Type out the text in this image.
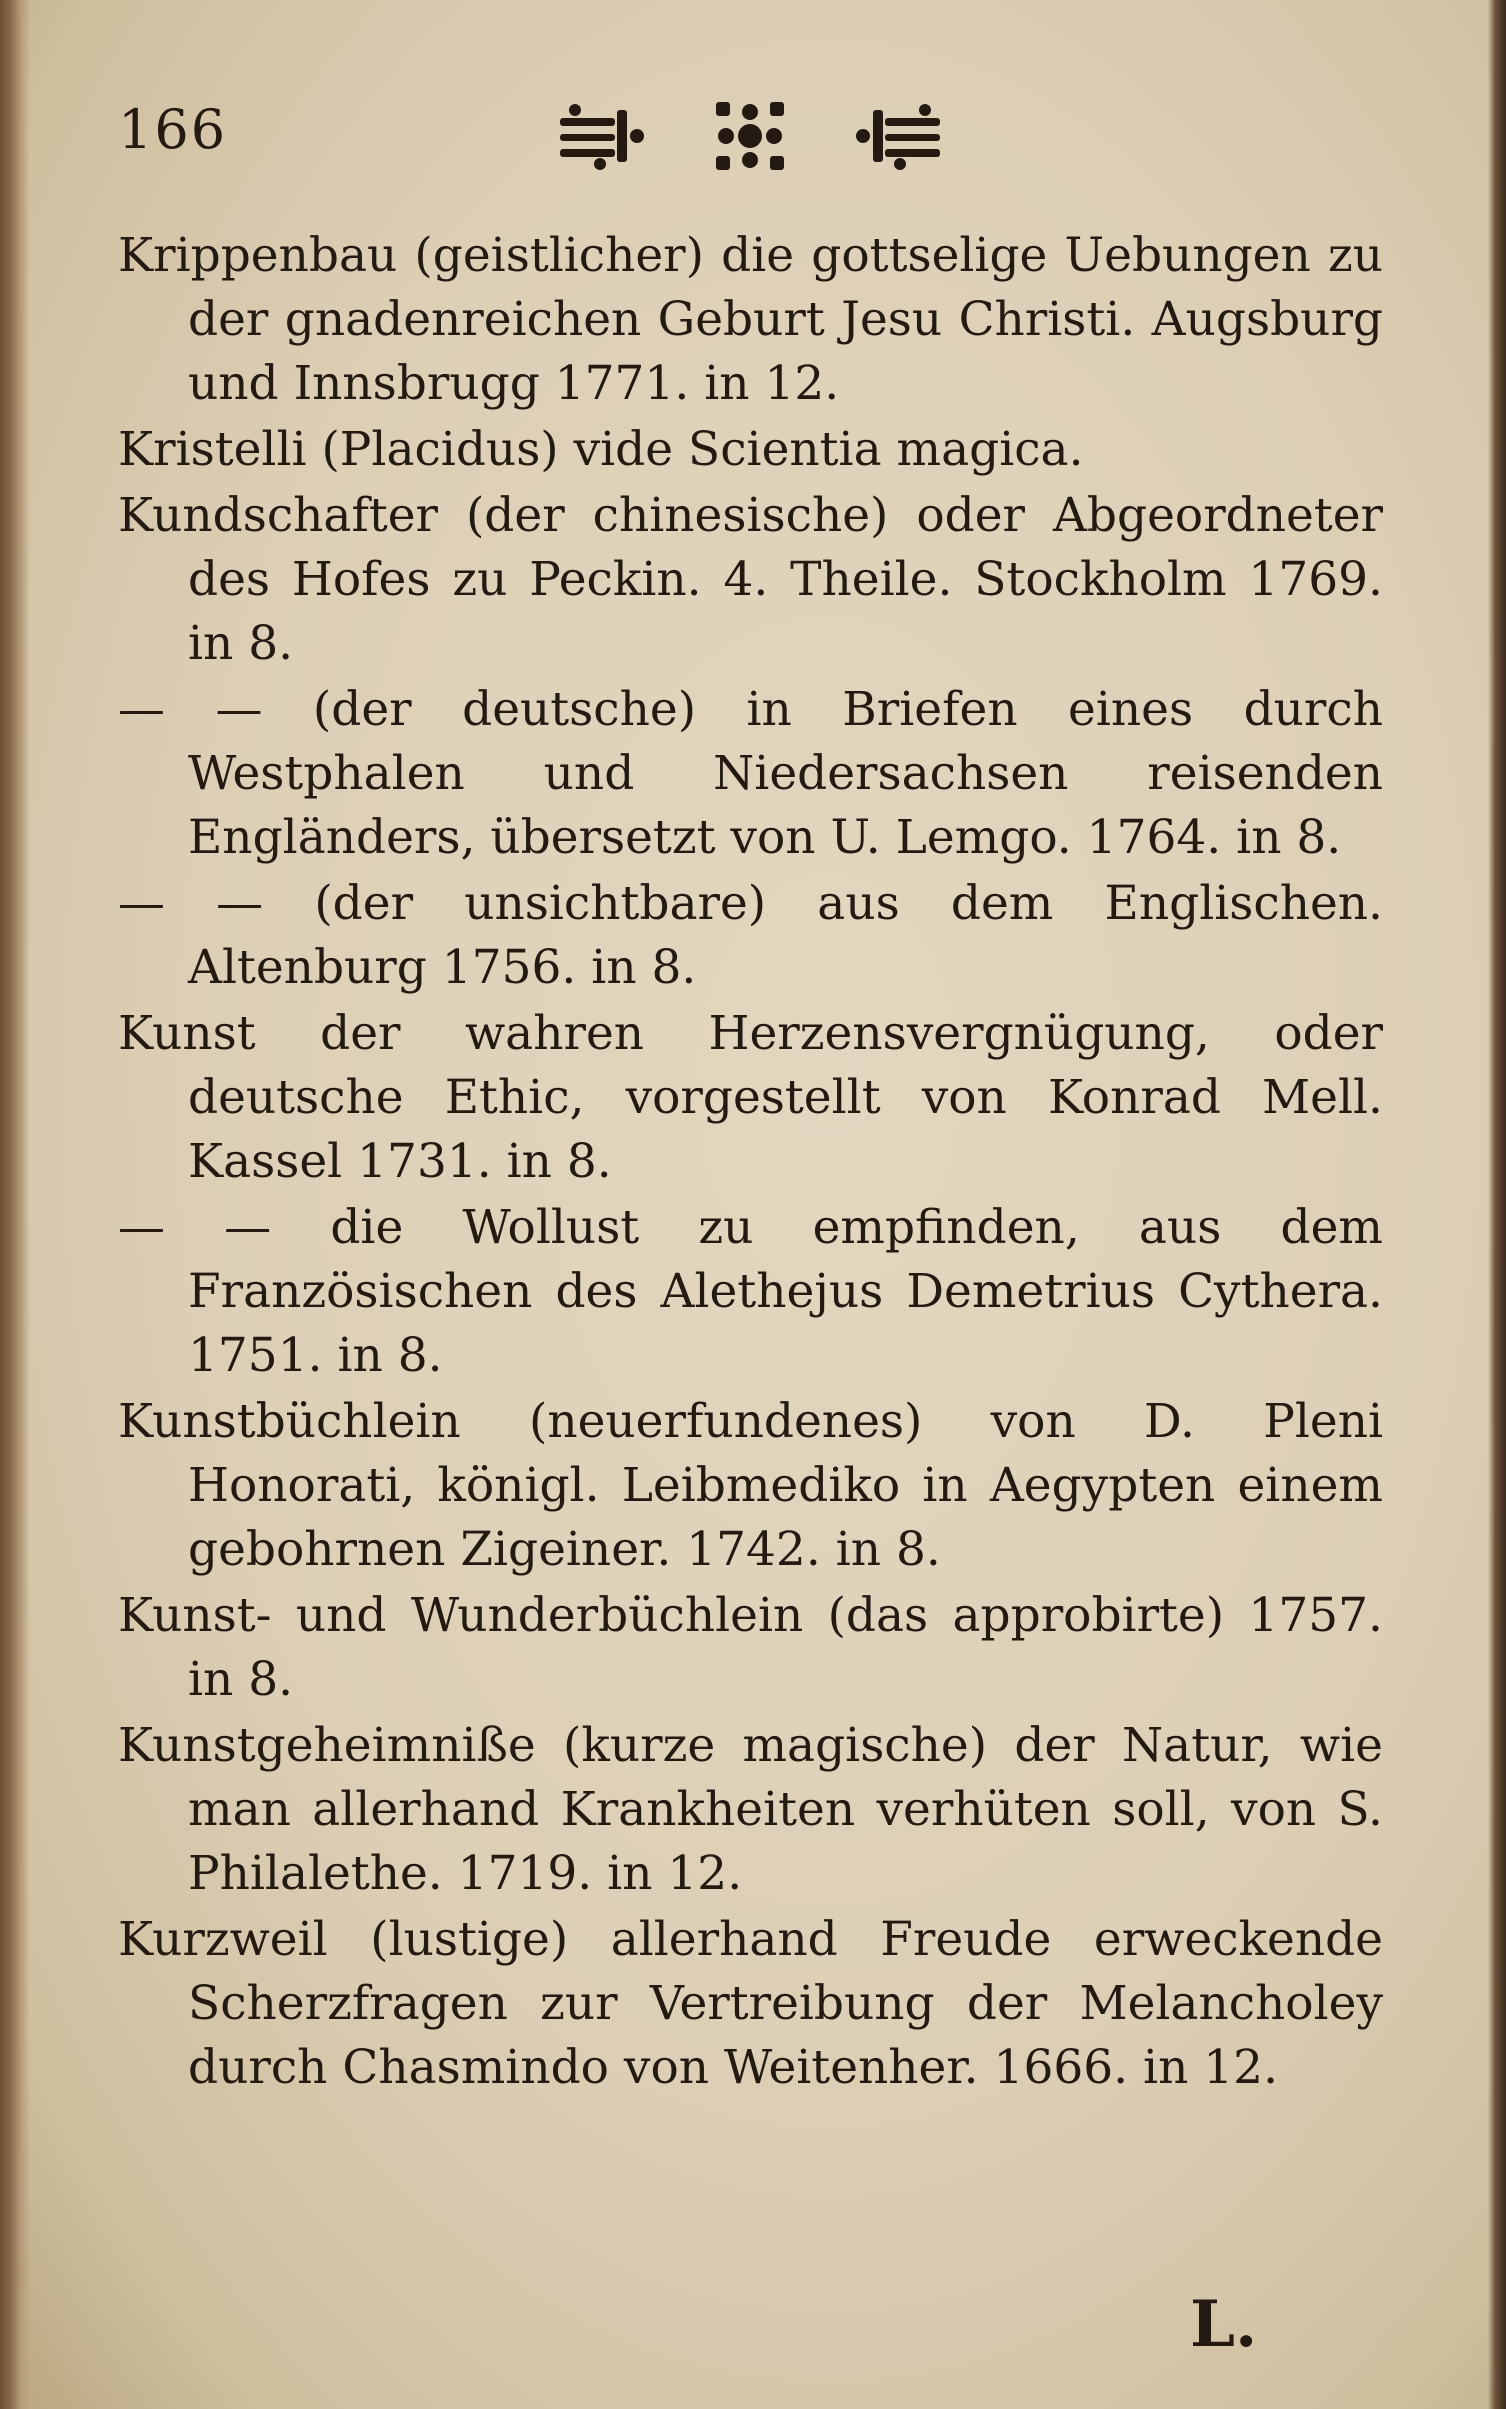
166
Krippenbau (geistlicher) die gottselige Uebungen zu der gnadenreichen Geburt Jesu Christi. Augsburg und Innsbrugg 1771. in 12.
Kristelli (Placidus) vide Scientia magica.
Kundschafter (der chinesische) oder Abgeordneter des Hofes zu Peckin. 4. Theile. Stockholm 1769. in 8.
— — (der deutsche) in Briefen eines durch Westphalen und Niedersachsen reisenden Engländers, übersetzt von U. Lemgo. 1764. in 8.
— — (der unsichtbare) aus dem Englischen. Altenburg 1756. in 8.
Kunst der wahren Herzensvergnügung, oder deutsche Ethic, vorgestellt von Konrad Mell. Kassel 1731. in 8.
— — die Wollust zu empfinden, aus dem Französischen des Alethejus Demetrius Cythera. 1751. in 8.
Kunstbüchlein (neuerfundenes) von D. Pleni Honorati, königl. Leibmediko in Aegypten einem gebohrnen Zigeiner. 1742. in 8.
Kunst- und Wunderbüchlein (das approbirte) 1757. in 8.
Kunstgeheimniße (kurze magische) der Natur, wie man allerhand Krankheiten verhüten soll, von S. Philalethe. 1719. in 12.
Kurzweil (lustige) allerhand Freude erweckende Scherzfragen zur Vertreibung der Melancholey durch Chasmindo von Weitenher. 1666. in 12.
L.
